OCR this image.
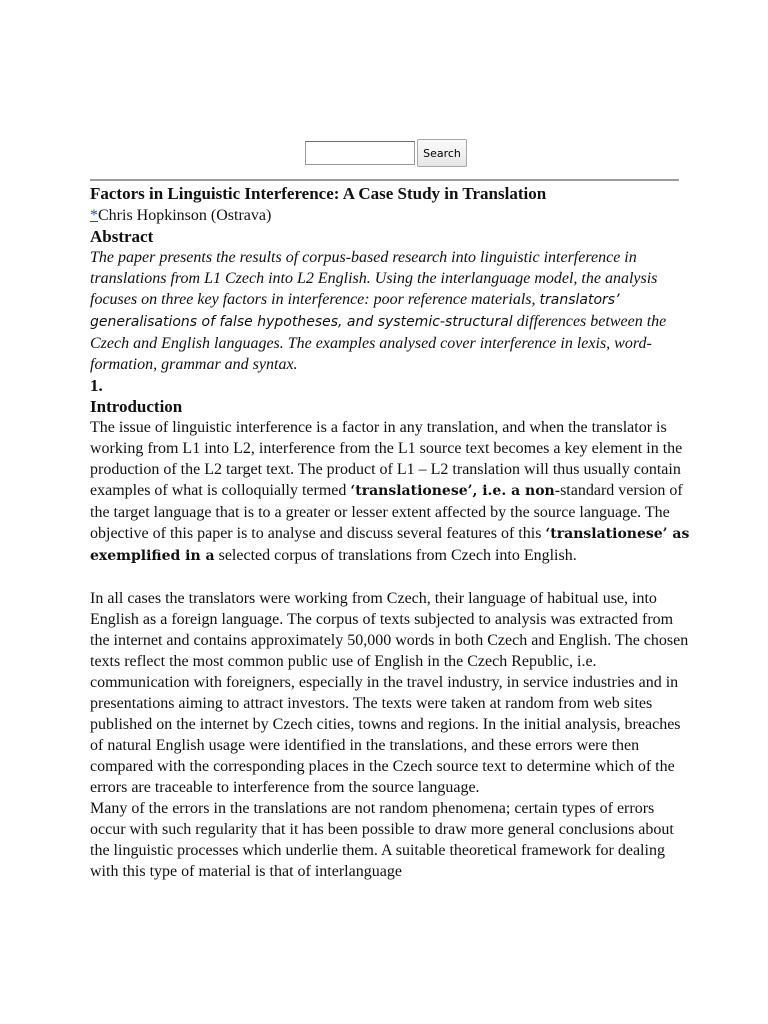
Search
Factors in Linguistic Interference: A Case Study in Translation

*Chris Hopkinson (Ostrava)

Abstract

The paper presents the results of corpus-based research into linguistic interference in translations from L1 Czech into L2 English. Using the interlanguage model, the analysis focuses on three key factors in interference: poor reference materials, translators’ generalisations of false hypotheses, and systemic-structural differences between the Czech and English languages. The examples analysed cover interference in lexis, word-formation, grammar and syntax.

1.
Introduction

The issue of linguistic interference is a factor in any translation, and when the translator is working from L1 into L2, interference from the L1 source text becomes a key element in the production of the L2 target text. The product of L1 – L2 translation will thus usually contain examples of what is colloquially termed ‘translationese’, i.e. a non-standard version of the target language that is to a greater or lesser extent affected by the source language. The objective of this paper is to analyse and discuss several features of this ‘translationese’ as exemplified in a selected corpus of translations from Czech into English.

In all cases the translators were working from Czech, their language of habitual use, into English as a foreign language. The corpus of texts subjected to analysis was extracted from the internet and contains approximately 50,000 words in both Czech and English. The chosen texts reflect the most common public use of English in the Czech Republic, i.e. communication with foreigners, especially in the travel industry, in service industries and in presentations aiming to attract investors. The texts were taken at random from web sites published on the internet by Czech cities, towns and regions. In the initial analysis, breaches of natural English usage were identified in the translations, and these errors were then compared with the corresponding places in the Czech source text to determine which of the errors are traceable to interference from the source language.

Many of the errors in the translations are not random phenomena; certain types of errors occur with such regularity that it has been possible to draw more general conclusions about the linguistic processes which underlie them. A suitable theoretical framework for dealing with this type of material is that of interlanguage
